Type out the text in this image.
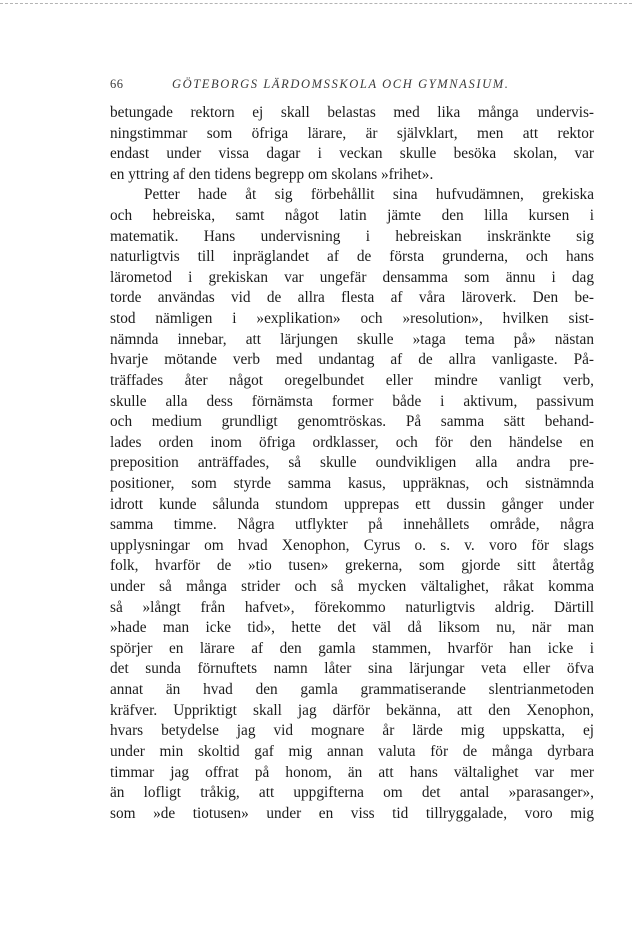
66	GÖTEBORGS LÄRDOMSSKOLA OCH GYMNASIUM.
betungade rektorn ej skall belastas med lika många undervis-
ningstimmar som öfriga lärare, är självklart, men att rektor
endast under vissa dagar i veckan skulle besöka skolan, var
en yttring af den tidens begrepp om skolans »frihet».
Petter hade åt sig förbehållit sina hufvudämnen, grekiska
och hebreiska, samt något latin jämte den lilla kursen i
matematik. Hans undervisning i hebreiskan inskränkte sig
naturligtvis till inpräglandet af de första grunderna, och hans
lärometod i grekiskan var ungefär densamma som ännu i dag
torde användas vid de allra flesta af våra läroverk. Den be-
stod nämligen i »explikation» och »resolution», hvilken sist-
nämnda innebar, att lärjungen skulle »taga tema på» nästan
hvarje mötande verb med undantag af de allra vanligaste. På-
träffades åter något oregelbundet eller mindre vanligt verb,
skulle alla dess förnämsta former både i aktivum, passivum
och medium grundligt genomtröskas. På samma sätt behand-
lades orden inom öfriga ordklasser, och för den händelse en
preposition anträffades, så skulle oundvikligen alla andra pre-
positioner, som styrde samma kasus, uppräknas, och sistnämnda
idrott kunde sålunda stundom upprepas ett dussin gånger under
samma timme. Några utflykter på innehållets område, några
upplysningar om hvad Xenophon, Cyrus o. s. v. voro för slags
folk, hvarför de »tio tusen» grekerna, som gjorde sitt återtåg
under så många strider och så mycken vältalighet, råkat komma
så »långt från hafvet», förekommo naturligtvis aldrig. Därtill
»hade man icke tid», hette det väl då liksom nu, när man
spörjer en lärare af den gamla stammen, hvarför han icke i
det sunda förnuftets namn låter sina lärjungar veta eller öfva
annat än hvad den gamla grammatiserande slentrianmetoden
kräfver. Uppriktigt skall jag därför bekänna, att den Xenophon,
hvars betydelse jag vid mognare år lärde mig uppskatta, ej
under min skoltid gaf mig annan valuta för de många dyrbara
timmar jag offrat på honom, än att hans vältalighet var mer
än lofligt tråkig, att uppgifterna om det antal »parasanger»,
som »de tiotusen» under en viss tid tillryggalade, voro mig
